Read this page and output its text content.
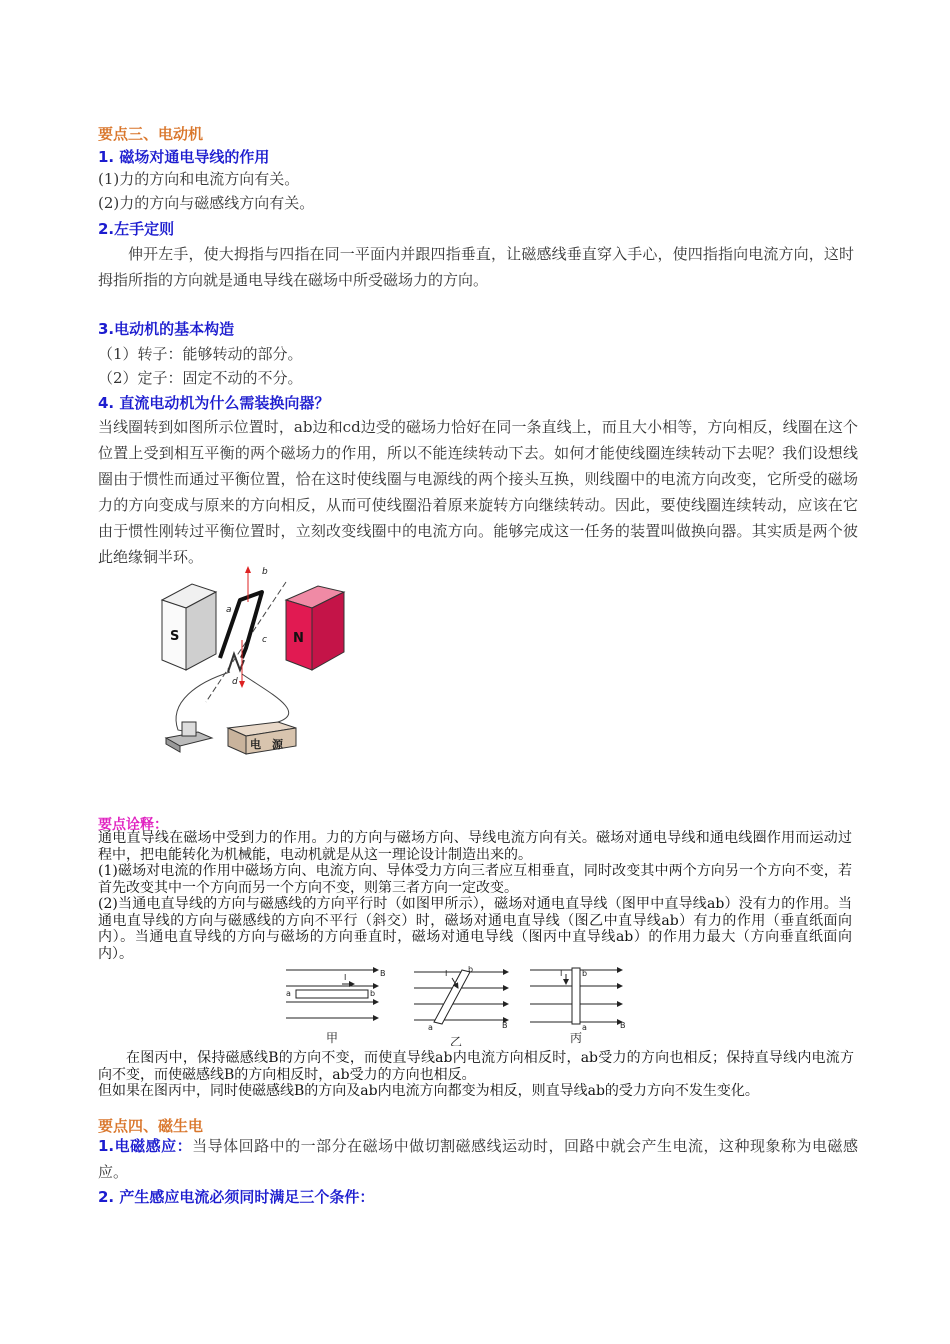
要点三、电动机
1. 磁场对通电导线的作用
(1)力的方向和电流方向有关。
(2)力的方向与磁感线方向有关。
2.左手定则
伸开左手，使大拇指与四指在同一平面内并跟四指垂直，让磁感线垂直穿入手心，使四指指向电流方向，这时拇指所指的方向就是通电导线在磁场中所受磁场力的方向。
3.电动机的基本构造
（1）转子：能够转动的部分。
（2）定子：固定不动的不分。
4. 直流电动机为什么需装换向器？
当线圈转到如图所示位置时，ab边和cd边受的磁场力恰好在同一条直线上，而且大小相等，方向相反，线圈在这个位置上受到相互平衡的两个磁场力的作用，所以不能连续转动下去。如何才能使线圈连续转动下去呢？我们设想线圈由于惯性而通过平衡位置，恰在这时使线圈与电源线的两个接头互换，则线圈中的电流方向改变，它所受的磁场力的方向变成与原来的方向相反，从而可使线圈沿着原来旋转方向继续转动。因此，要使线圈连续转动，应该在它由于惯性刚转过平衡位置时，立刻改变线圈中的电流方向。能够完成这一任务的装置叫做换向器。其实质是两个彼此绝缘铜半环。
S	N
b
a
c
d
电　源
要点诠释：
通电直导线在磁场中受到力的作用。力的方向与磁场方向、导线电流方向有关。磁场对通电导线和通电线圈作用而运动过程中，把电能转化为机械能，电动机就是从这一理论设计制造出来的。
(1)磁场对电流的作用中磁场方向、电流方向、导体受力方向三者应互相垂直，同时改变其中两个方向另一个方向不变，若首先改变其中一个方向而另一个方向不变，则第三者方向一定改变。
(2)当通电直导线的方向与磁感线的方向平行时（如图甲所示），磁场对通电直导线（图甲中直导线ab）没有力的作用。当通电直导线的方向与磁感线的方向不平行（斜交）时，磁场对通电直导线（图乙中直导线ab）有力的作用（垂直纸面向内）。当通电直导线的方向与磁场的方向垂直时，磁场对通电导线（图丙中直导线ab）的作用力最大（方向垂直纸面向内）。
I
a	b
B
甲
I	b
a	B
乙
I b
a	B
丙
在图丙中，保持磁感线B的方向不变，而使直导线ab内电流方向相反时，ab受力的方向也相反；保持直导线内电流方向不变，而使磁感线B的方向相反时，ab受力的方向也相反。
但如果在图丙中，同时使磁感线B的方向及ab内电流方向都变为相反，则直导线ab的受力方向不发生变化。
要点四、磁生电
1.电磁感应：当导体回路中的一部分在磁场中做切割磁感线运动时，回路中就会产生电流，这种现象称为电磁感应。
2. 产生感应电流必须同时满足三个条件：
